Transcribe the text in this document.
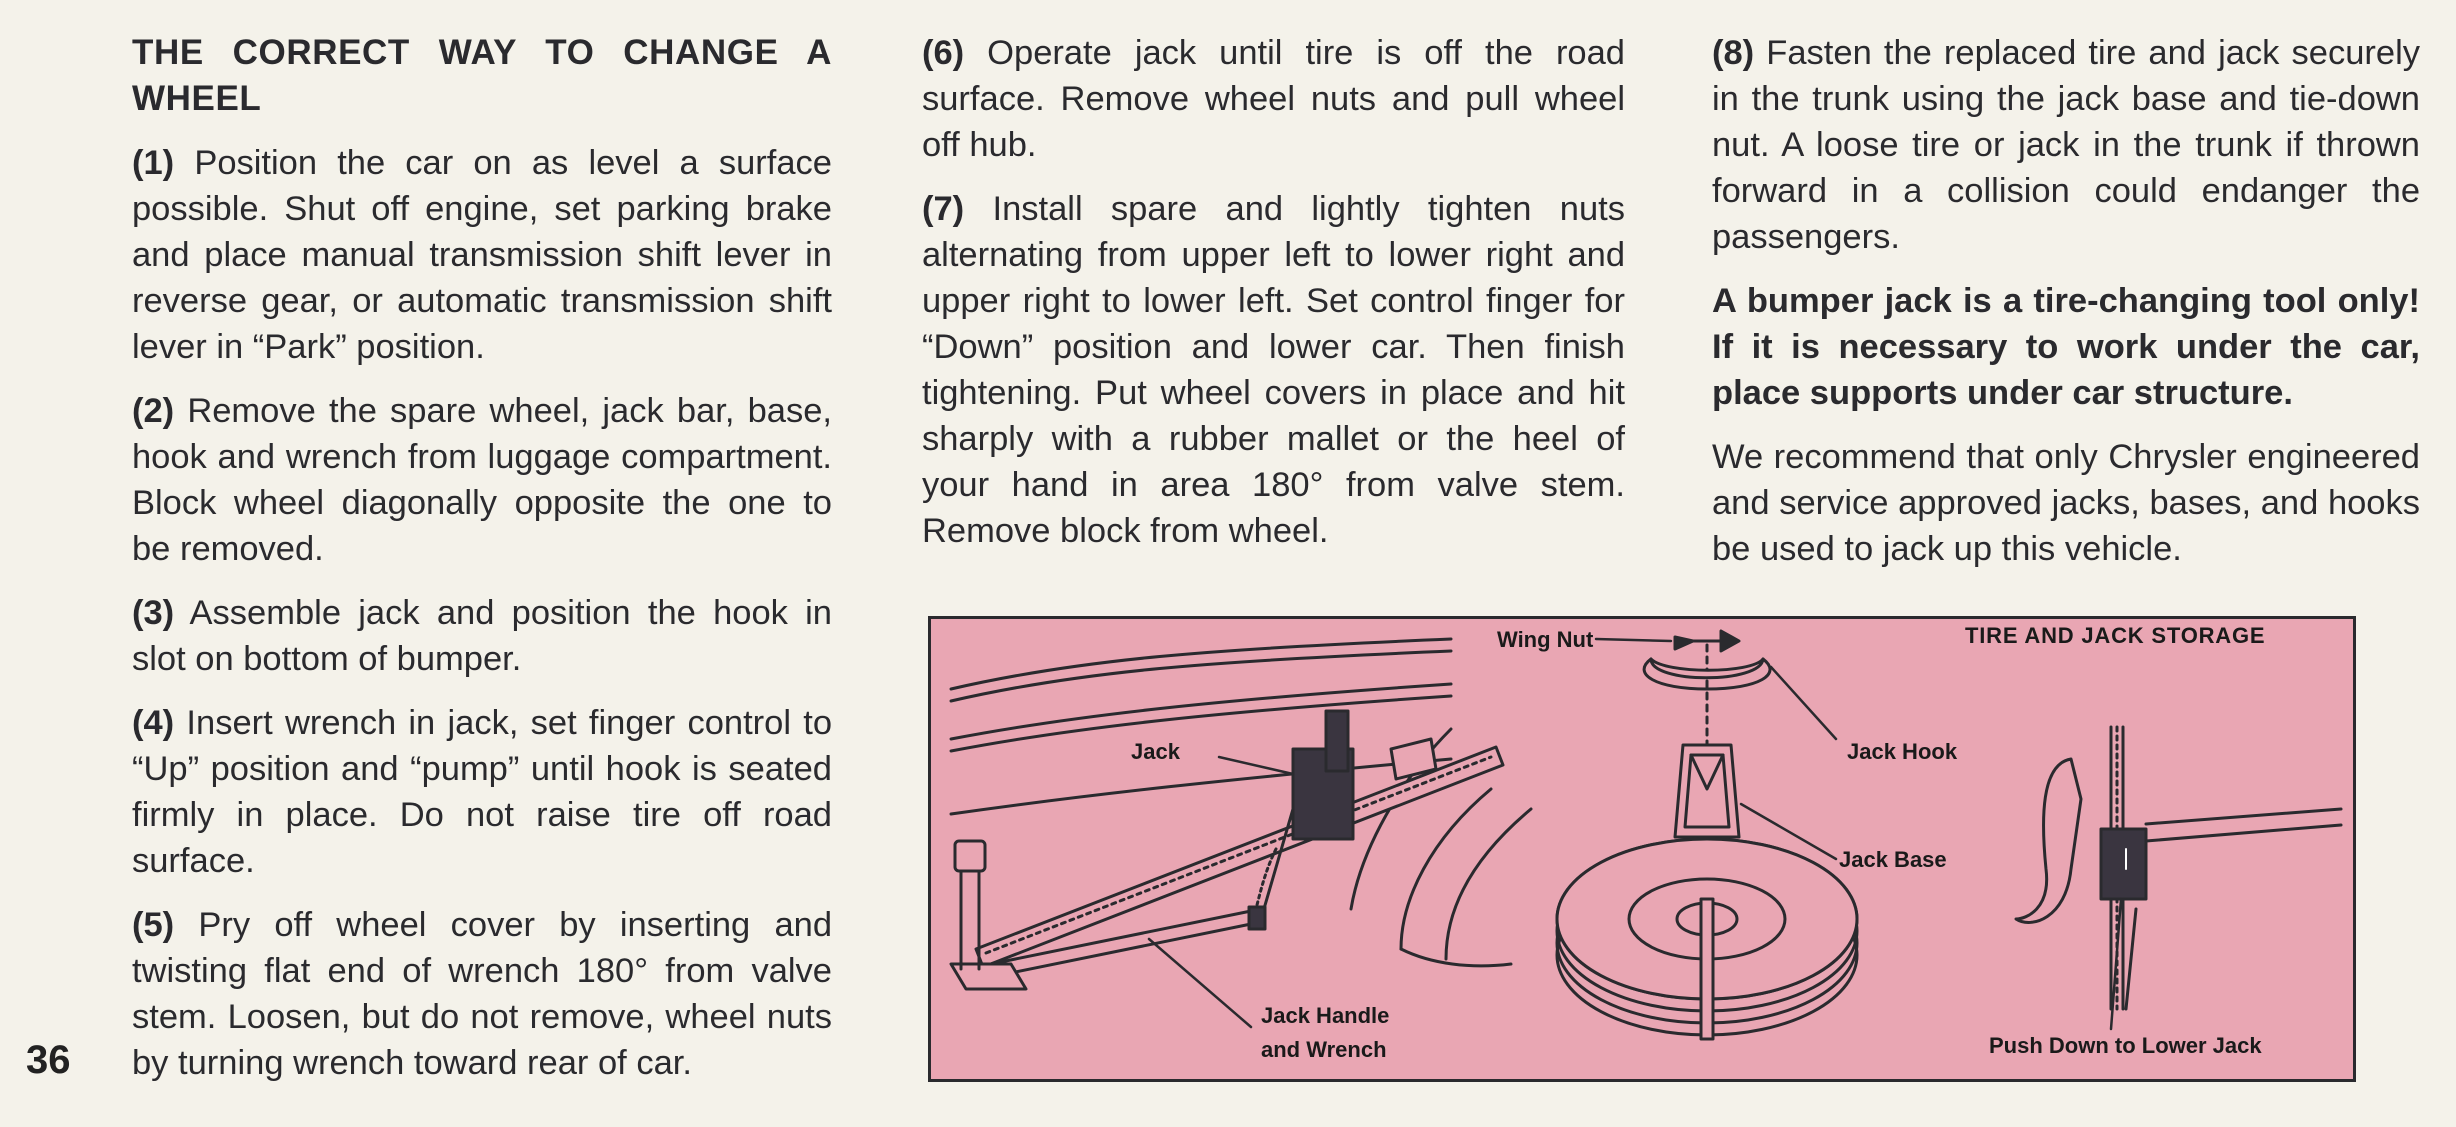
THE CORRECT WAY TO CHANGE A WHEEL

(1) Position the car on as level a surface possible. Shut off engine, set parking brake and place manual transmission shift lever in reverse gear, or automatic transmission shift lever in “Park” position.

(2) Remove the spare wheel, jack bar, base, hook and wrench from luggage compartment. Block wheel diagonally opposite the one to be removed.

(3) Assemble jack and position the hook in slot on bottom of bumper.

(4) Insert wrench in jack, set finger control to “Up” position and “pump” until hook is seated firmly in place. Do not raise tire off road surface.

(5) Pry off wheel cover by inserting and twisting flat end of wrench 180° from valve stem. Loosen, but do not remove, wheel nuts by turning wrench toward rear of car.

(6) Operate jack until tire is off the road surface. Remove wheel nuts and pull wheel off hub.

(7) Install spare and lightly tighten nuts alternating from upper left to lower right and upper right to lower left. Set control finger for “Down” position and lower car. Then finish tightening. Put wheel covers in place and hit sharply with a rubber mallet or the heel of your hand in area 180° from valve stem. Remove block from wheel.

(8) Fasten the replaced tire and jack securely in the trunk using the jack base and tie-down nut. A loose tire or jack in the trunk if thrown forward in a collision could endanger the passengers.

A bumper jack is a tire-changing tool only! If it is necessary to work under the car, place supports under car structure.

We recommend that only Chrysler engineered and service approved jacks, bases, and hooks be used to jack up this vehicle.

36
TIRE AND JACK STORAGE
Wing Nut
Jack	Jack Hook
Jack Base
Jack Handle
and Wrench	Push Down to Lower Jack
